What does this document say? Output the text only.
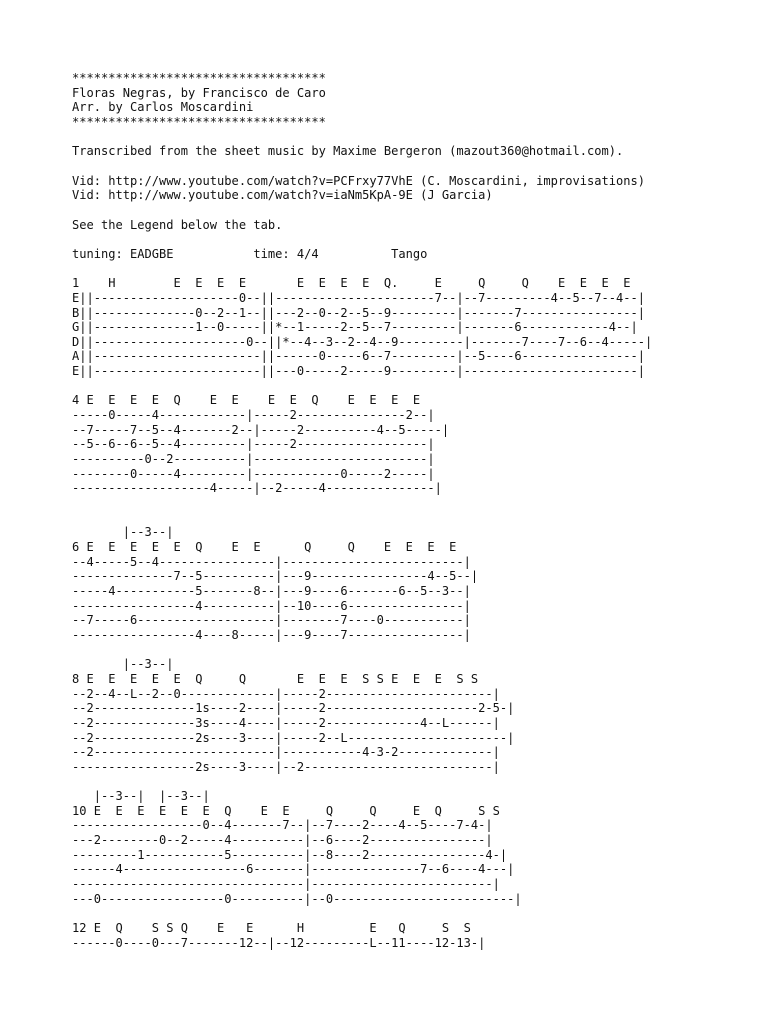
***********************************
Floras Negras, by Francisco de Caro
Arr. by Carlos Moscardini
***********************************

Transcribed from the sheet music by Maxime Bergeron (mazout360@hotmail.com).

Vid: http://www.youtube.com/watch?v=PCFrxy77VhE (C. Moscardini, improvisations)
Vid: http://www.youtube.com/watch?v=iaNm5KpA-9E (J Garcia)

See the Legend below the tab.

tuning: EADGBE           time: 4/4          Tango

1    H        E  E  E  E       E  E  E  E  Q.     E     Q     Q    E  E  E  E
E||--------------------0--||----------------------7--|--7---------4--5--7--4--|
B||--------------0--2--1--||---2--0--2--5--9---------|-------7----------------|
G||--------------1--0-----||*--1-----2--5--7---------|-------6------------4--|
D||---------------------0--||*--4--3--2--4--9---------|-------7----7--6--4-----|
A||-----------------------||------0-----6--7---------|--5----6----------------|
E||-----------------------||---0-----2-----9---------|------------------------|

4 E  E  E  E  Q    E  E    E  E  Q    E  E  E  E
-----0-----4------------|-----2---------------2--|
--7-----7--5--4-------2--|-----2----------4--5-----|
--5--6--6--5--4---------|-----2------------------|
----------0--2----------|------------------------|
--------0-----4---------|------------0-----2-----|
-------------------4-----|--2-----4---------------|

|--3--|
6 E  E  E  E  E  Q    E  E      Q     Q    E  E  E  E
--4-----5--4----------------|-------------------------|
--------------7--5----------|---9----------------4--5--|
-----4-----------5-------8--|---9----6-------6--5--3--|
-----------------4----------|--10----6----------------|
--7-----6-------------------|--------7----0-----------|
-----------------4----8-----|---9----7----------------|

|--3--|
8 E  E  E  E  E  Q     Q       E  E  E  S S E  E  E  S S
--2--4--L--2--0-------------|-----2-----------------------|
--2--------------1s----2----|-----2---------------------2-5-|
--2--------------3s----4----|-----2-------------4--L------|
--2--------------2s----3----|-----2--L----------------------|
--2-------------------------|-----------4-3-2-------------|
-----------------2s----3----|--2--------------------------|

|--3--|  |--3--|
10 E  E  E  E  E  E  Q    E  E     Q     Q     E  Q     S S
------------------0--4-------7--|--7----2----4--5----7-4-|
---2--------0--2-----4----------|--6----2----------------|
---------1-----------5----------|--8----2----------------4-|
------4-----------------6-------|---------------7--6----4---|
--------------------------------|-------------------------|
---0-----------------0----------|--0-------------------------|

12 E  Q    S S Q    E   E      H         E   Q     S  S
------0----0---7-------12--|--12---------L--11----12-13-|
